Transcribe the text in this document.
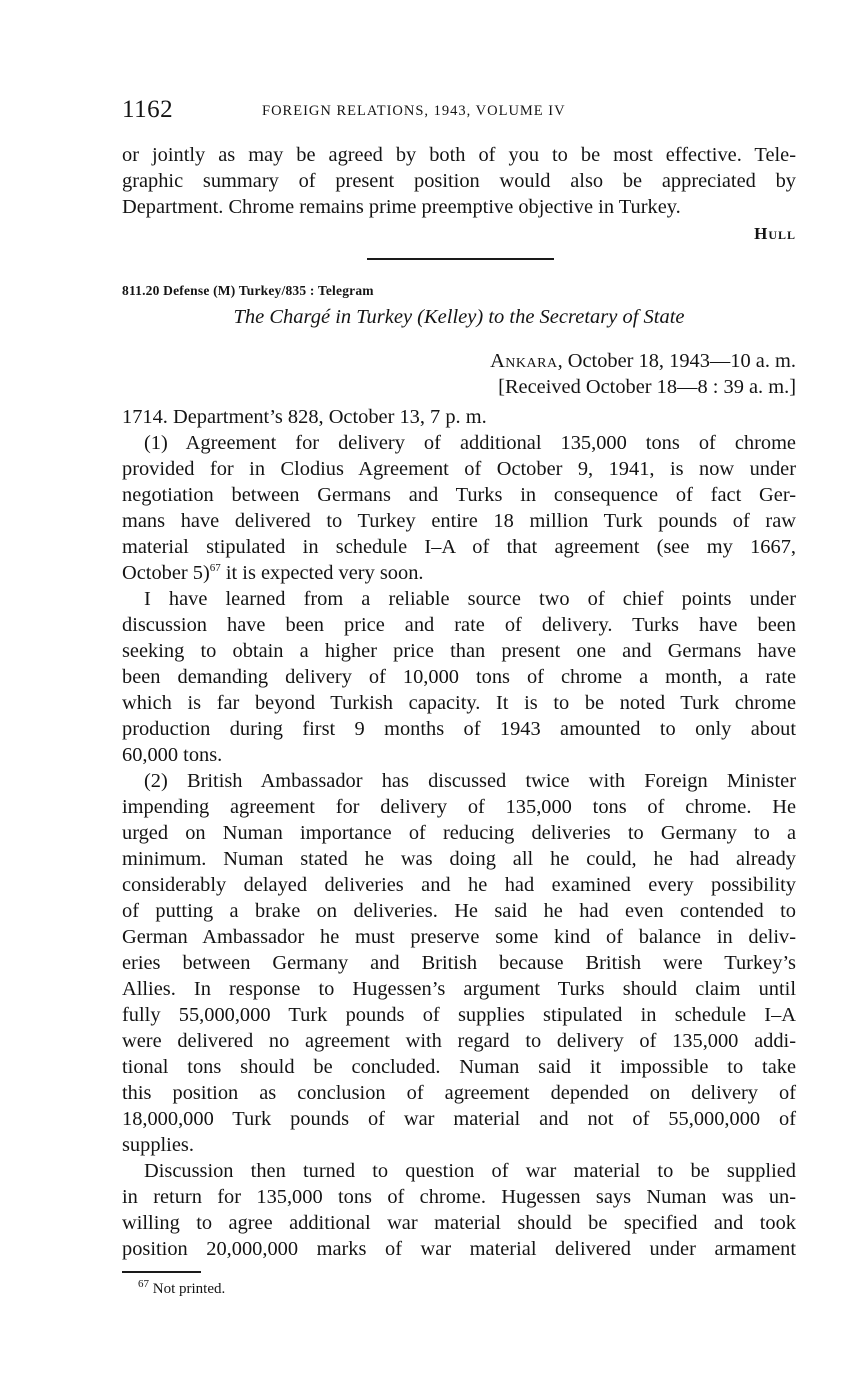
1162	FOREIGN RELATIONS, 1943, VOLUME IV
or jointly as may be agreed by both of you to be most effective. Tele-
graphic summary of present position would also be appreciated by
Department. Chrome remains prime preemptive objective in Turkey.
Hull
811.20 Defense (M) Turkey/835 : Telegram
The Chargé in Turkey (Kelley) to the Secretary of State
Ankara, October 18, 1943—10 a. m.
[Received October 18—8 : 39 a. m.]
1714. Department’s 828, October 13, 7 p. m.
(1) Agreement for delivery of additional 135,000 tons of chrome
provided for in Clodius Agreement of October 9, 1941, is now under
negotiation between Germans and Turks in consequence of fact Ger-
mans have delivered to Turkey entire 18 million Turk pounds of raw
material stipulated in schedule I–A of that agreement (see my 1667,
October 5)$^{67}$ it is expected very soon.
I have learned from a reliable source two of chief points under
discussion have been price and rate of delivery. Turks have been
seeking to obtain a higher price than present one and Germans have
been demanding delivery of 10,000 tons of chrome a month, a rate
which is far beyond Turkish capacity. It is to be noted Turk chrome
production during first 9 months of 1943 amounted to only about
60,000 tons.
(2) British Ambassador has discussed twice with Foreign Minister
impending agreement for delivery of 135,000 tons of chrome. He
urged on Numan importance of reducing deliveries to Germany to a
minimum. Numan stated he was doing all he could, he had already
considerably delayed deliveries and he had examined every possibility
of putting a brake on deliveries. He said he had even contended to
German Ambassador he must preserve some kind of balance in deliv-
eries between Germany and British because British were Turkey’s
Allies. In response to Hugessen’s argument Turks should claim until
fully 55,000,000 Turk pounds of supplies stipulated in schedule I–A
were delivered no agreement with regard to delivery of 135,000 addi-
tional tons should be concluded. Numan said it impossible to take
this position as conclusion of agreement depended on delivery of
18,000,000 Turk pounds of war material and not of 55,000,000 of
supplies.
Discussion then turned to question of war material to be supplied
in return for 135,000 tons of chrome. Hugessen says Numan was un-
willing to agree additional war material should be specified and took
position 20,000,000 marks of war material delivered under armament
$^{67}$ Not printed.
